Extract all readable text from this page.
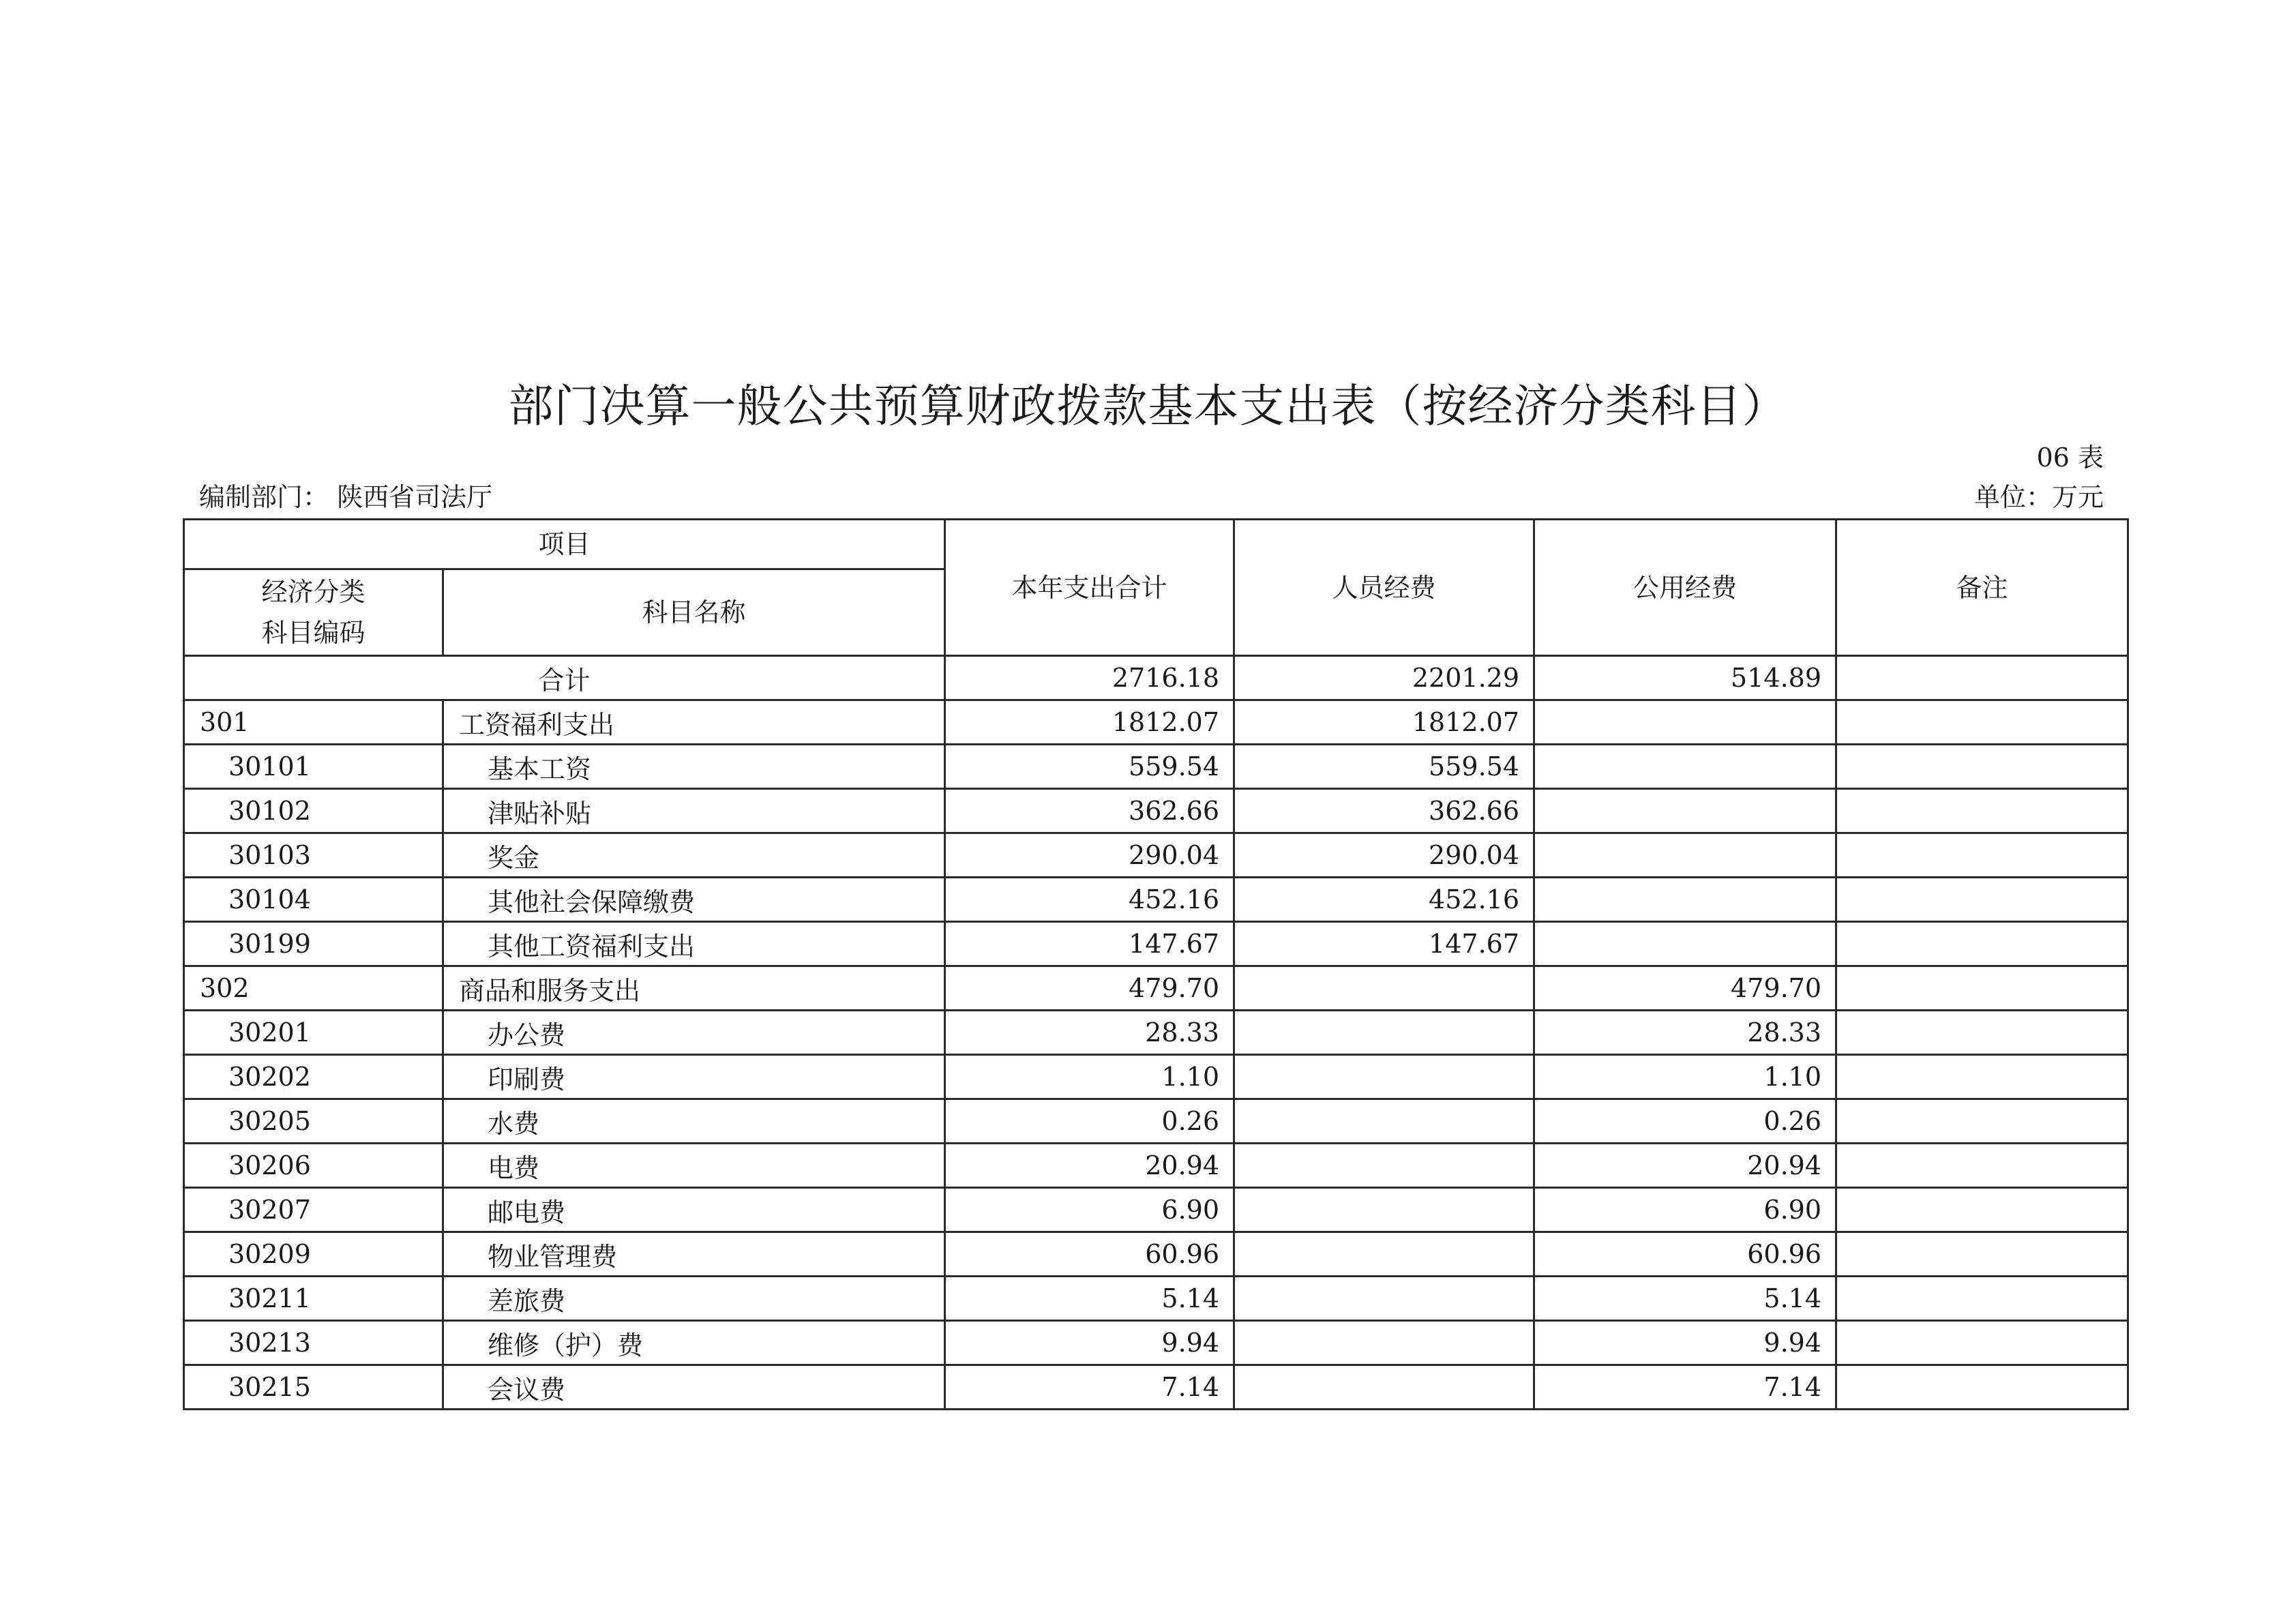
部门决算一般公共预算财政拨款基本支出表（按经济分类科目）
06 表
编制部门： 陕西省司法厅	单位：万元
项目		本年支出合计	人员经费	公用经费	备注

经济分类
科目编码	科目名称				
合计		2716.18	2201.29	514.89	
301	工资福利支出	1812.07	1812.07		
30101	基本工资	559.54	559.54		
30102	津贴补贴	362.66	362.66		
30103	奖金	290.04	290.04		
30104	其他社会保障缴费	452.16	452.16		
30199	其他工资福利支出	147.67	147.67		
302	商品和服务支出	479.70		479.70	
30201	办公费	28.33		28.33	
30202	印刷费	1.10		1.10	
30205	水费	0.26		0.26	
30206	电费	20.94		20.94	
30207	邮电费	6.90		6.90	
30209	物业管理费	60.96		60.96	
30211	差旅费	5.14		5.14	
30213	维修（护）费	9.94		9.94	
30215	会议费	7.14		7.14	
